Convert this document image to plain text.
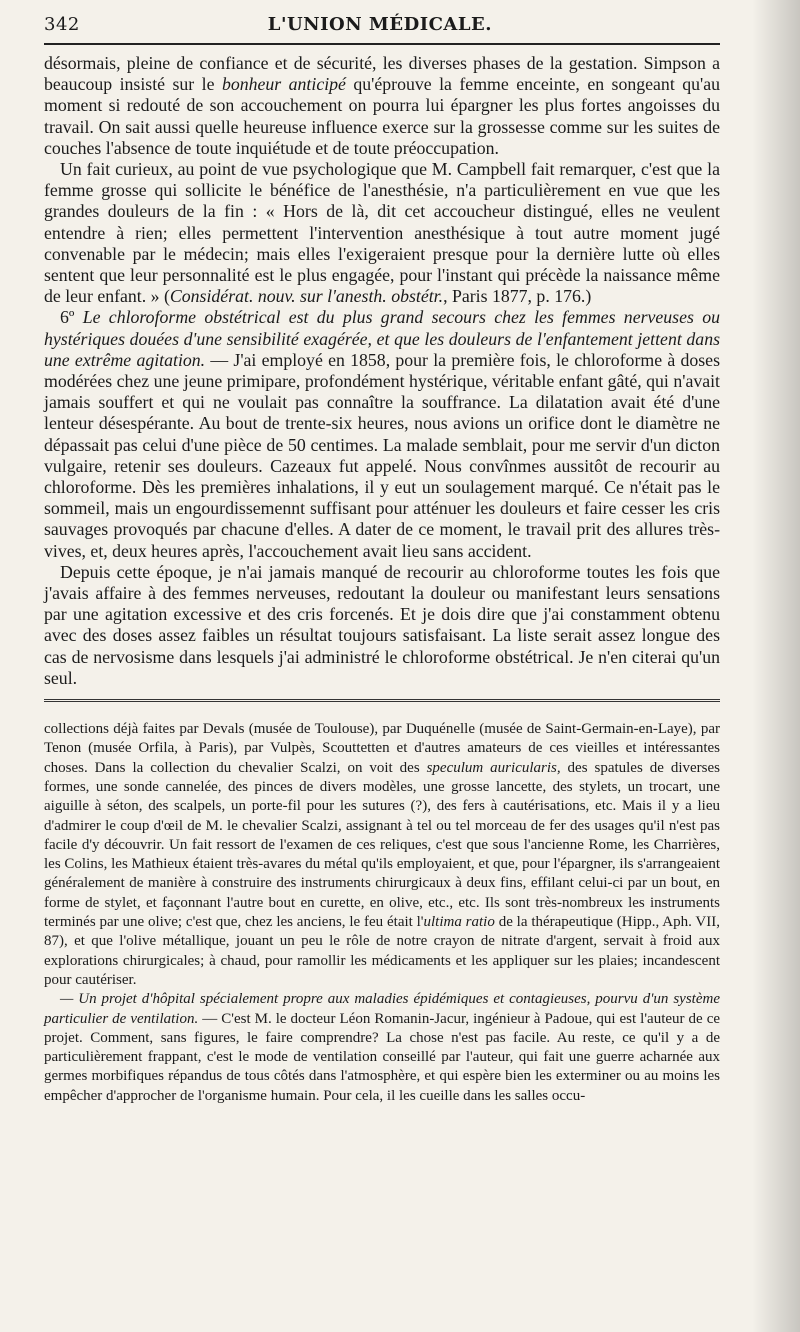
342	L'UNION MÉDICALE.

désormais, pleine de confiance et de sécurité, les diverses phases de la gestation. Simpson a beaucoup insisté sur le bonheur anticipé qu'éprouve la femme enceinte, en songeant qu'au moment si redouté de son accouchement on pourra lui épargner les plus fortes angoisses du travail. On sait aussi quelle heureuse influence exerce sur la grossesse comme sur les suites de couches l'absence de toute inquiétude et de toute préoccupation.

Un fait curieux, au point de vue psychologique que M. Campbell fait remarquer, c'est que la femme grosse qui sollicite le bénéfice de l'anesthésie, n'a particulièrement en vue que les grandes douleurs de la fin : « Hors de là, dit cet accoucheur distingué, elles ne veulent entendre à rien; elles permettent l'intervention anesthésique à tout autre moment jugé convenable par le médecin; mais elles l'exigeraient presque pour la dernière lutte où elles sentent que leur personnalité est le plus engagée, pour l'instant qui précède la naissance même de leur enfant. » (Considérat. nouv. sur l'anesth. obstétr., Paris 1877, p. 176.)

6º Le chloroforme obstétrical est du plus grand secours chez les femmes nerveuses ou hystériques douées d'une sensibilité exagérée, et que les douleurs de l'enfantement jettent dans une extrême agitation. — J'ai employé en 1858, pour la première fois, le chloroforme à doses modérées chez une jeune primipare, profondément hystérique, véritable enfant gâté, qui n'avait jamais souffert et qui ne voulait pas connaître la souffrance. La dilatation avait été d'une lenteur désespérante. Au bout de trente-six heures, nous avions un orifice dont le diamètre ne dépassait pas celui d'une pièce de 50 centimes. La malade semblait, pour me servir d'un dicton vulgaire, retenir ses douleurs. Cazeaux fut appelé. Nous convînmes aussitôt de recourir au chloroforme. Dès les premières inhalations, il y eut un soulagement marqué. Ce n'était pas le sommeil, mais un engourdissemennt suffisant pour atténuer les douleurs et faire cesser les cris sauvages provoqués par chacune d'elles. A dater de ce moment, le travail prit des allures très-vives, et, deux heures après, l'accouchement avait lieu sans accident.

Depuis cette époque, je n'ai jamais manqué de recourir au chloroforme toutes les fois que j'avais affaire à des femmes nerveuses, redoutant la douleur ou manifestant leurs sensations par une agitation excessive et des cris forcenés. Et je dois dire que j'ai constamment obtenu avec des doses assez faibles un résultat toujours satisfaisant. La liste serait assez longue des cas de nervosisme dans lesquels j'ai administré le chloroforme obstétrical. Je n'en citerai qu'un seul.

collections déjà faites par Devals (musée de Toulouse), par Duquénelle (musée de Saint-Germain-en-Laye), par Tenon (musée Orfila, à Paris), par Vulpès, Scouttetten et d'autres amateurs de ces vieilles et intéressantes choses. Dans la collection du chevalier Scalzi, on voit des speculum auricularis, des spatules de diverses formes, une sonde cannelée, des pinces de divers modèles, une grosse lancette, des stylets, un trocart, une aiguille à séton, des scalpels, un porte-fil pour les sutures (?), des fers à cautérisations, etc. Mais il y a lieu d'admirer le coup d'œil de M. le chevalier Scalzi, assignant à tel ou tel morceau de fer des usages qu'il n'est pas facile d'y découvrir. Un fait ressort de l'examen de ces reliques, c'est que sous l'ancienne Rome, les Charrières, les Colins, les Mathieux étaient très-avares du métal qu'ils employaient, et que, pour l'épargner, ils s'arrangeaient généralement de manière à construire des instruments chirurgicaux à deux fins, effilant celui-ci par un bout, en forme de stylet, et façonnant l'autre bout en curette, en olive, etc., etc. Ils sont très-nombreux les instruments terminés par une olive; c'est que, chez les anciens, le feu était l'ultima ratio de la thérapeutique (Hipp., Aph. VII, 87), et que l'olive métallique, jouant un peu le rôle de notre crayon de nitrate d'argent, servait à froid aux explorations chirurgicales; à chaud, pour ramollir les médicaments et les appliquer sur les plaies; incandescent pour cautériser.

— Un projet d'hôpital spécialement propre aux maladies épidémiques et contagieuses, pourvu d'un système particulier de ventilation. — C'est M. le docteur Léon Romanin-Jacur, ingénieur à Padoue, qui est l'auteur de ce projet. Comment, sans figures, le faire comprendre? La chose n'est pas facile. Au reste, ce qu'il y a de particulièrement frappant, c'est le mode de ventilation conseillé par l'auteur, qui fait une guerre acharnée aux germes morbifiques répandus de tous côtés dans l'atmosphère, et qui espère bien les exterminer ou au moins les empêcher d'approcher de l'organisme humain. Pour cela, il les cueille dans les salles occu-
